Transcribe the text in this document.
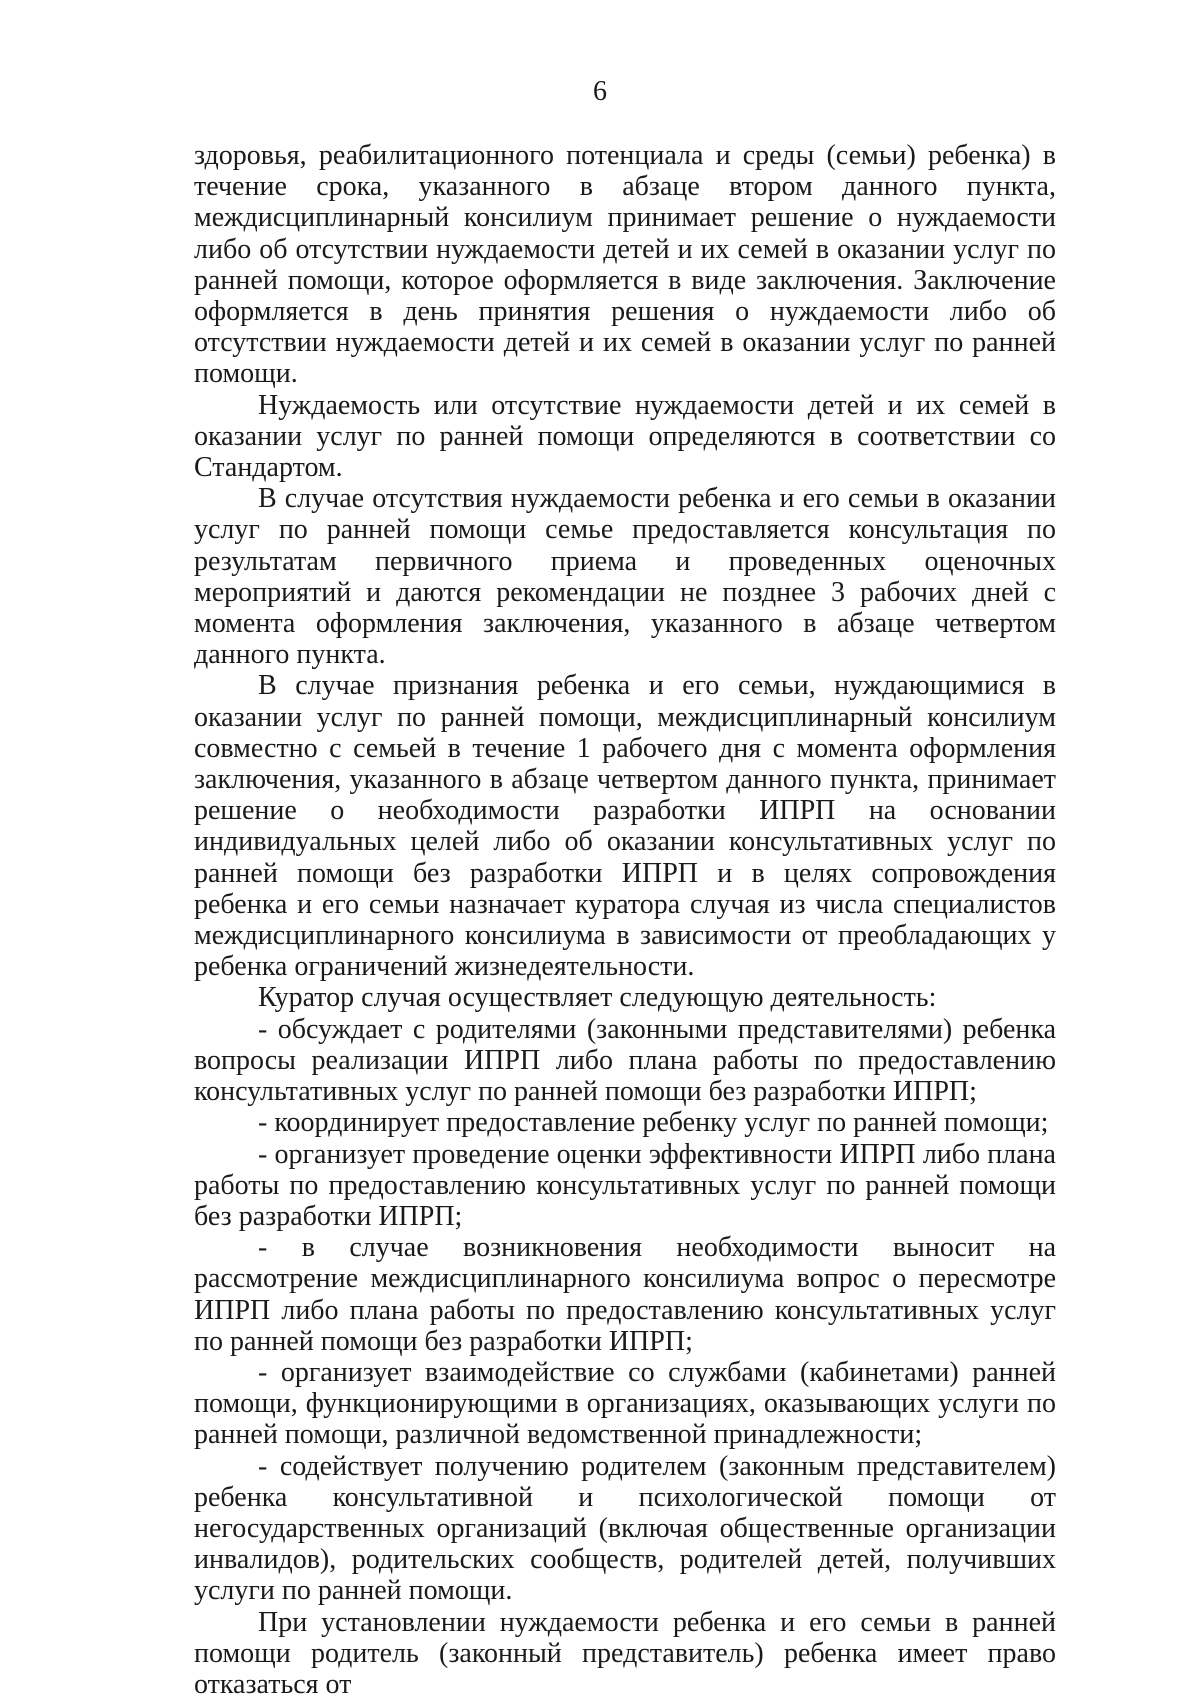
6

здоровья, реабилитационного потенциала и среды (семьи) ребенка) в течение срока, указанного в абзаце втором данного пункта, междисциплинарный консилиум принимает решение о нуждаемости либо об отсутствии нуждаемости детей и их семей в оказании услуг по ранней помощи, которое оформляется в виде заключения. Заключение оформляется в день принятия решения о нуждаемости либо об отсутствии нуждаемости детей и их семей в оказании услуг по ранней помощи.

Нуждаемость или отсутствие нуждаемости детей и их семей в оказании услуг по ранней помощи определяются в соответствии со Стандартом.

В случае отсутствия нуждаемости ребенка и его семьи в оказании услуг по ранней помощи семье предоставляется консультация по результатам первичного приема и проведенных оценочных мероприятий и даются рекомендации не позднее 3 рабочих дней с момента оформления заключения, указанного в абзаце четвертом данного пункта.

В случае признания ребенка и его семьи, нуждающимися в оказании услуг по ранней помощи, междисциплинарный консилиум совместно с семьей в течение 1 рабочего дня с момента оформления заключения, указанного в абзаце четвертом данного пункта, принимает решение о необходимости разработки ИПРП на основании индивидуальных целей либо об оказании консультативных услуг по ранней помощи без разработки ИПРП и в целях сопровождения ребенка и его семьи назначает куратора случая из числа специалистов междисциплинарного консилиума в зависимости от преобладающих у ребенка ограничений жизнедеятельности.

Куратор случая осуществляет следующую деятельность:

- обсуждает с родителями (законными представителями) ребенка вопросы реализации ИПРП либо плана работы по предоставлению консультативных услуг по ранней помощи без разработки ИПРП;

- координирует предоставление ребенку услуг по ранней помощи;

- организует проведение оценки эффективности ИПРП либо плана работы по предоставлению консультативных услуг по ранней помощи без разработки ИПРП;

- в случае возникновения необходимости выносит на рассмотрение междисциплинарного консилиума вопрос о пересмотре ИПРП либо плана работы по предоставлению консультативных услуг по ранней помощи без разработки ИПРП;

- организует взаимодействие со службами (кабинетами) ранней помощи, функционирующими в организациях, оказывающих услуги по ранней помощи, различной ведомственной принадлежности;

- содействует получению родителем (законным представителем) ребенка консультативной и психологической помощи от негосударственных организаций (включая общественные организации инвалидов), родительских сообществ, родителей детей, получивших услуги по ранней помощи.

При установлении нуждаемости ребенка и его семьи в ранней помощи родитель (законный представитель) ребенка имеет право отказаться от
